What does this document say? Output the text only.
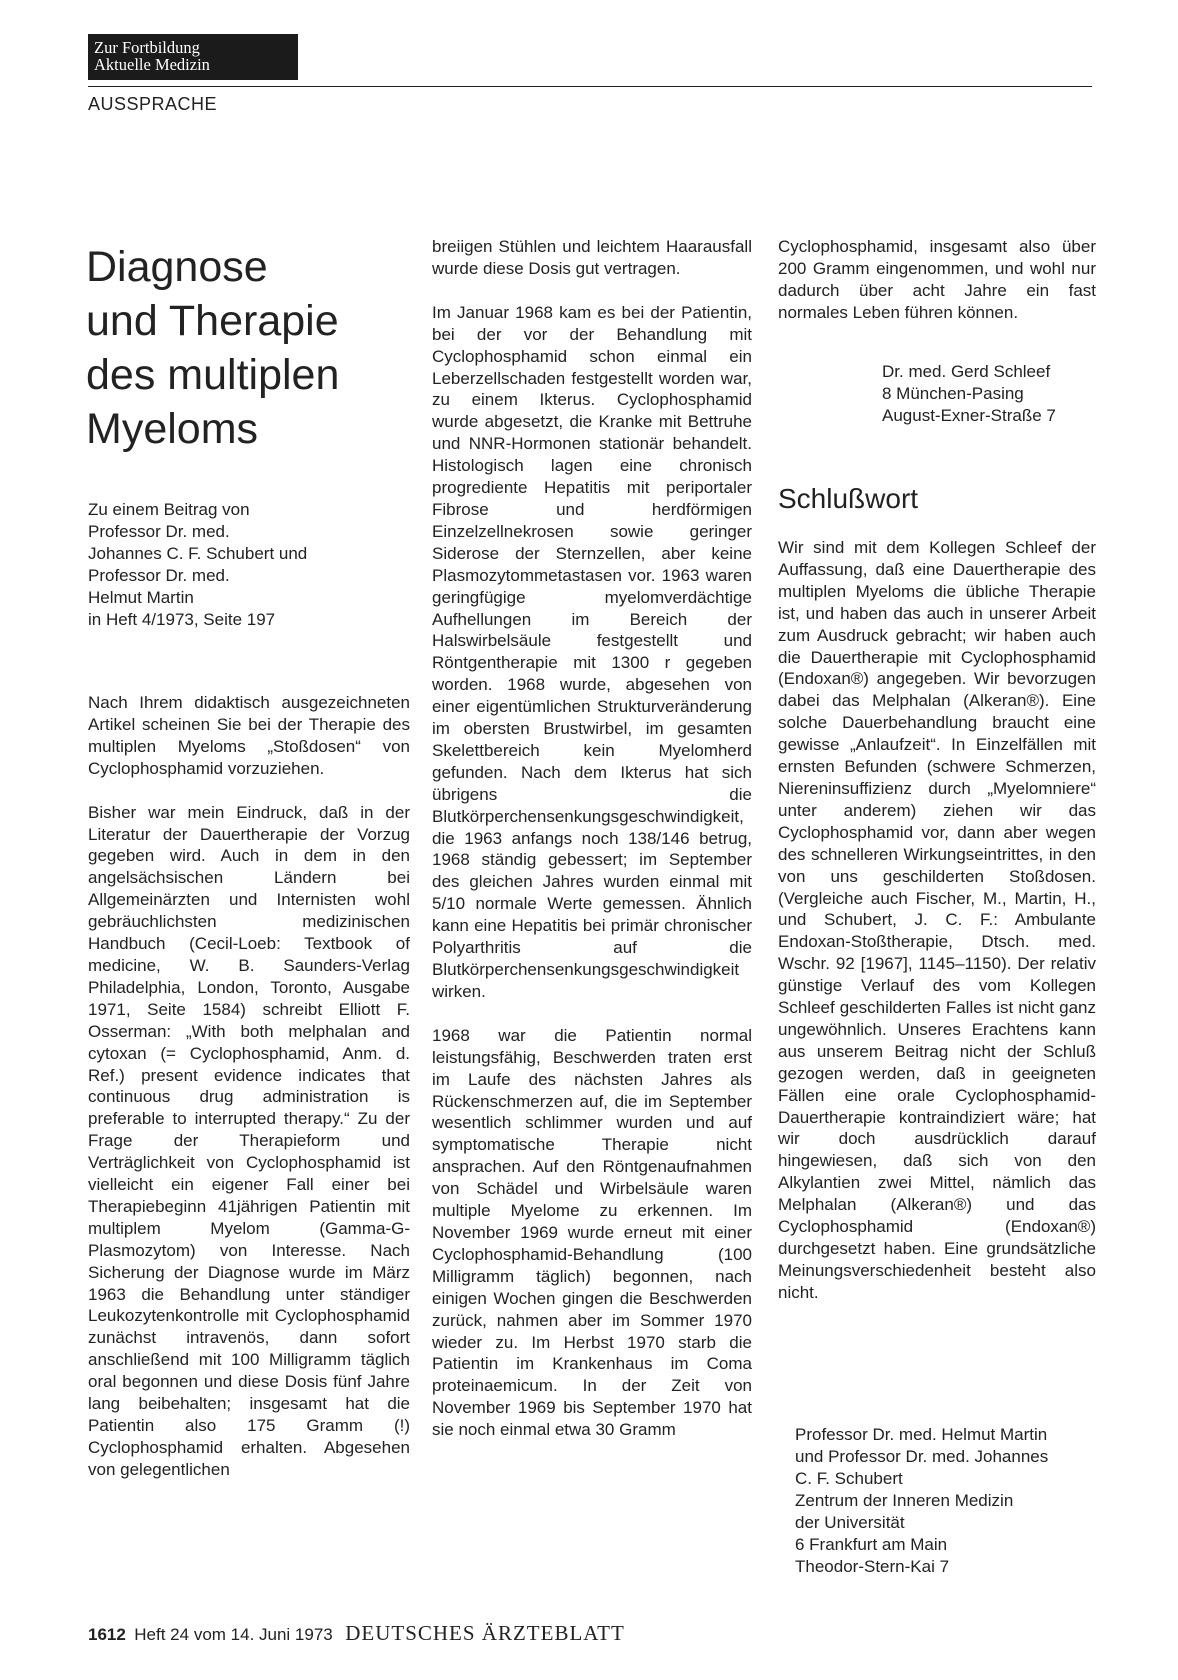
Zur Fortbildung
Aktuelle Medizin
AUSSPRACHE
Diagnose
und Therapie
des multiplen
Myeloms
Zu einem Beitrag von
Professor Dr. med.
Johannes C. F. Schubert und
Professor Dr. med.
Helmut Martin
in Heft 4/1973, Seite 197

Nach Ihrem didaktisch ausgezeichneten Artikel scheinen Sie bei der Therapie des multiplen Myeloms „Stoßdosen“ von Cyclophosphamid vorzuziehen.

Bisher war mein Eindruck, daß in der Literatur der Dauertherapie der Vorzug gegeben wird. Auch in dem in den angelsächsischen Ländern bei Allgemeinärzten und Internisten wohl gebräuchlichsten medizinischen Handbuch (Cecil-Loeb: Textbook of medicine, W. B. Saunders-Verlag Philadelphia, London, Toronto, Ausgabe 1971, Seite 1584) schreibt Elliott F. Osserman: „With both melphalan and cytoxan (= Cyclophosphamid, Anm. d. Ref.) present evidence indicates that continuous drug administration is preferable to interrupted therapy.“ Zu der Frage der Therapieform und Verträglichkeit von Cyclophosphamid ist vielleicht ein eigener Fall einer bei Therapiebeginn 41jährigen Patientin mit multiplem Myelom (Gamma-G-Plasmozytom) von Interesse. Nach Sicherung der Diagnose wurde im März 1963 die Behandlung unter ständiger Leukozytenkontrolle mit Cyclophosphamid zunächst intravenös, dann sofort anschließend mit 100 Milligramm täglich oral begonnen und diese Dosis fünf Jahre lang beibehalten; insgesamt hat die Patientin also 175 Gramm (!) Cyclophosphamid erhalten. Abgesehen von gelegentlichen

breiigen Stühlen und leichtem Haarausfall wurde diese Dosis gut vertragen.

Im Januar 1968 kam es bei der Patientin, bei der vor der Behandlung mit Cyclophosphamid schon einmal ein Leberzellschaden festgestellt worden war, zu einem Ikterus. Cyclophosphamid wurde abgesetzt, die Kranke mit Bettruhe und NNR-Hormonen stationär behandelt. Histologisch lagen eine chronisch progrediente Hepatitis mit periportaler Fibrose und herdförmigen Einzelzellnekrosen sowie geringer Siderose der Sternzellen, aber keine Plasmozytommetastasen vor. 1963 waren geringfügige myelomverdächtige Aufhellungen im Bereich der Halswirbelsäule festgestellt und Röntgentherapie mit 1300 r gegeben worden. 1968 wurde, abgesehen von einer eigentümlichen Strukturveränderung im obersten Brustwirbel, im gesamten Skelettbereich kein Myelomherd gefunden. Nach dem Ikterus hat sich übrigens die Blutkörperchensenkungsgeschwindigkeit, die 1963 anfangs noch 138/146 betrug, 1968 ständig gebessert; im September des gleichen Jahres wurden einmal mit 5/10 normale Werte gemessen. Ähnlich kann eine Hepatitis bei primär chronischer Polyarthritis auf die Blutkörperchensenkungsgeschwindigkeit wirken.

1968 war die Patientin normal leistungsfähig, Beschwerden traten erst im Laufe des nächsten Jahres als Rückenschmerzen auf, die im September wesentlich schlimmer wurden und auf symptomatische Therapie nicht ansprachen. Auf den Röntgenaufnahmen von Schädel und Wirbelsäule waren multiple Myelome zu erkennen. Im November 1969 wurde erneut mit einer Cyclophosphamid-Behandlung (100 Milligramm täglich) begonnen, nach einigen Wochen gingen die Beschwerden zurück, nahmen aber im Sommer 1970 wieder zu. Im Herbst 1970 starb die Patientin im Krankenhaus im Coma proteinaemicum. In der Zeit von November 1969 bis September 1970 hat sie noch einmal etwa 30 Gramm

Cyclophosphamid, insgesamt also über 200 Gramm eingenommen, und wohl nur dadurch über acht Jahre ein fast normales Leben führen können.

Dr. med. Gerd Schleef
8 München-Pasing
August-Exner-Straße 7
Schlußwort

Wir sind mit dem Kollegen Schleef der Auffassung, daß eine Dauertherapie des multiplen Myeloms die übliche Therapie ist, und haben das auch in unserer Arbeit zum Ausdruck gebracht; wir haben auch die Dauertherapie mit Cyclophosphamid (Endoxan®) angegeben. Wir bevorzugen dabei das Melphalan (Alkeran®). Eine solche Dauerbehandlung braucht eine gewisse „Anlaufzeit“. In Einzelfällen mit ernsten Befunden (schwere Schmerzen, Niereninsuffizienz durch „Myelomniere“ unter anderem) ziehen wir das Cyclophosphamid vor, dann aber wegen des schnelleren Wirkungseintrittes, in den von uns geschilderten Stoßdosen. (Vergleiche auch Fischer, M., Martin, H., und Schubert, J. C. F.: Ambulante Endoxan-Stoßtherapie, Dtsch. med. Wschr. 92 [1967], 1145–1150). Der relativ günstige Verlauf des vom Kollegen Schleef geschilderten Falles ist nicht ganz ungewöhnlich. Unseres Erachtens kann aus unserem Beitrag nicht der Schluß gezogen werden, daß in geeigneten Fällen eine orale Cyclophosphamid-Dauertherapie kontraindiziert wäre; hat wir doch ausdrücklich darauf hingewiesen, daß sich von den Alkylantien zwei Mittel, nämlich das Melphalan (Alkeran®) und das Cyclophosphamid (Endoxan®) durchgesetzt haben. Eine grundsätzliche Meinungsverschiedenheit besteht also nicht.

Professor Dr. med. Helmut Martin
und Professor Dr. med. Johannes
C. F. Schubert
Zentrum der Inneren Medizin
der Universität
6 Frankfurt am Main
Theodor-Stern-Kai 7
1612 Heft 24 vom 14. Juni 1973 DEUTSCHES ÄRZTEBLATT
